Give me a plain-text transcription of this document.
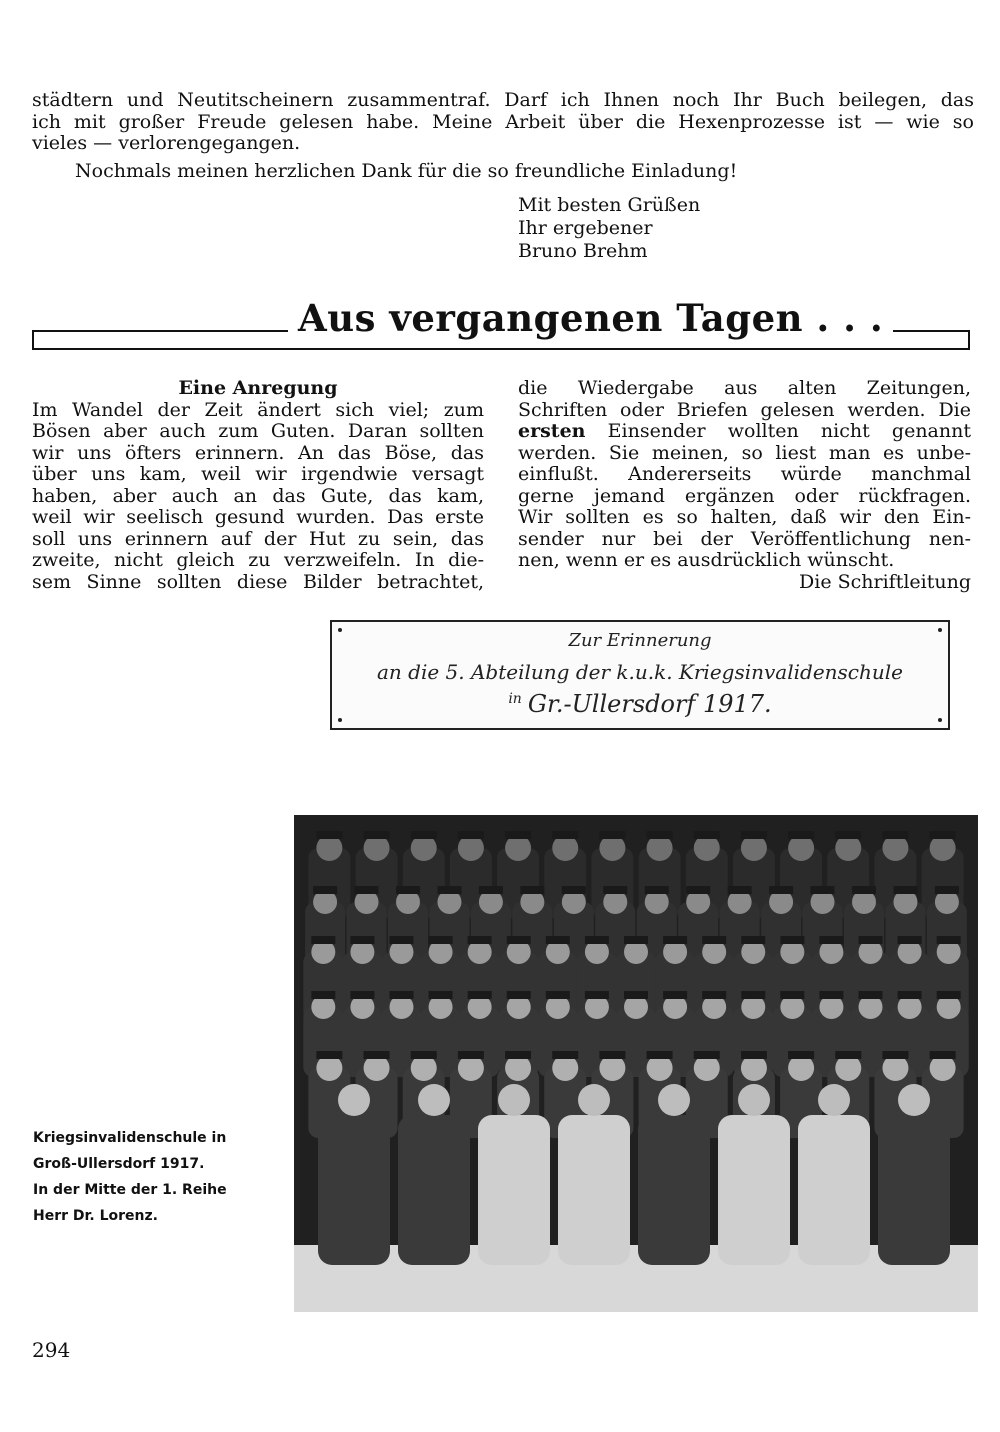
städtern und Neutitscheinern zusammentraf. Darf ich Ihnen noch Ihr Buch beilegen, das
ich mit großer Freude gelesen habe. Meine Arbeit über die Hexenprozesse ist — wie so
vieles — verlorengegangen.
Nochmals meinen herzlichen Dank für die so freundliche Einladung!
Mit besten Grüßen
Ihr ergebener
Bruno Brehm
Aus vergangenen Tagen . . .
Eine Anregung
Im Wandel der Zeit ändert sich viel; zum
Bösen aber auch zum Guten. Daran sollten
wir uns öfters erinnern. An das Böse, das
über uns kam, weil wir irgendwie versagt
haben, aber auch an das Gute, das kam,
weil wir seelisch gesund wurden. Das erste
soll uns erinnern auf der Hut zu sein, das
zweite, nicht gleich zu verzweifeln. In die-
sem Sinne sollten diese Bilder betrachtet,
die Wiedergabe aus alten Zeitungen,
Schriften oder Briefen gelesen werden. Die
ersten Einsender wollten nicht genannt
werden. Sie meinen, so liest man es unbe-
einflußt. Andererseits würde manchmal
gerne jemand ergänzen oder rückfragen.
Wir sollten es so halten, daß wir den Ein-
sender nur bei der Veröffentlichung nen-
nen, wenn er es ausdrücklich wünscht.
Die Schriftleitung
Zur Erinnerung
an die 5. Abteilung der k.u.k. Kriegsinvalidenschule
$^{in}$ Gr.-Ullersdorf 1917.
Kriegsinvalidenschule in
Groß-Ullersdorf 1917.
In der Mitte der 1. Reihe
Herr Dr. Lorenz.
294
